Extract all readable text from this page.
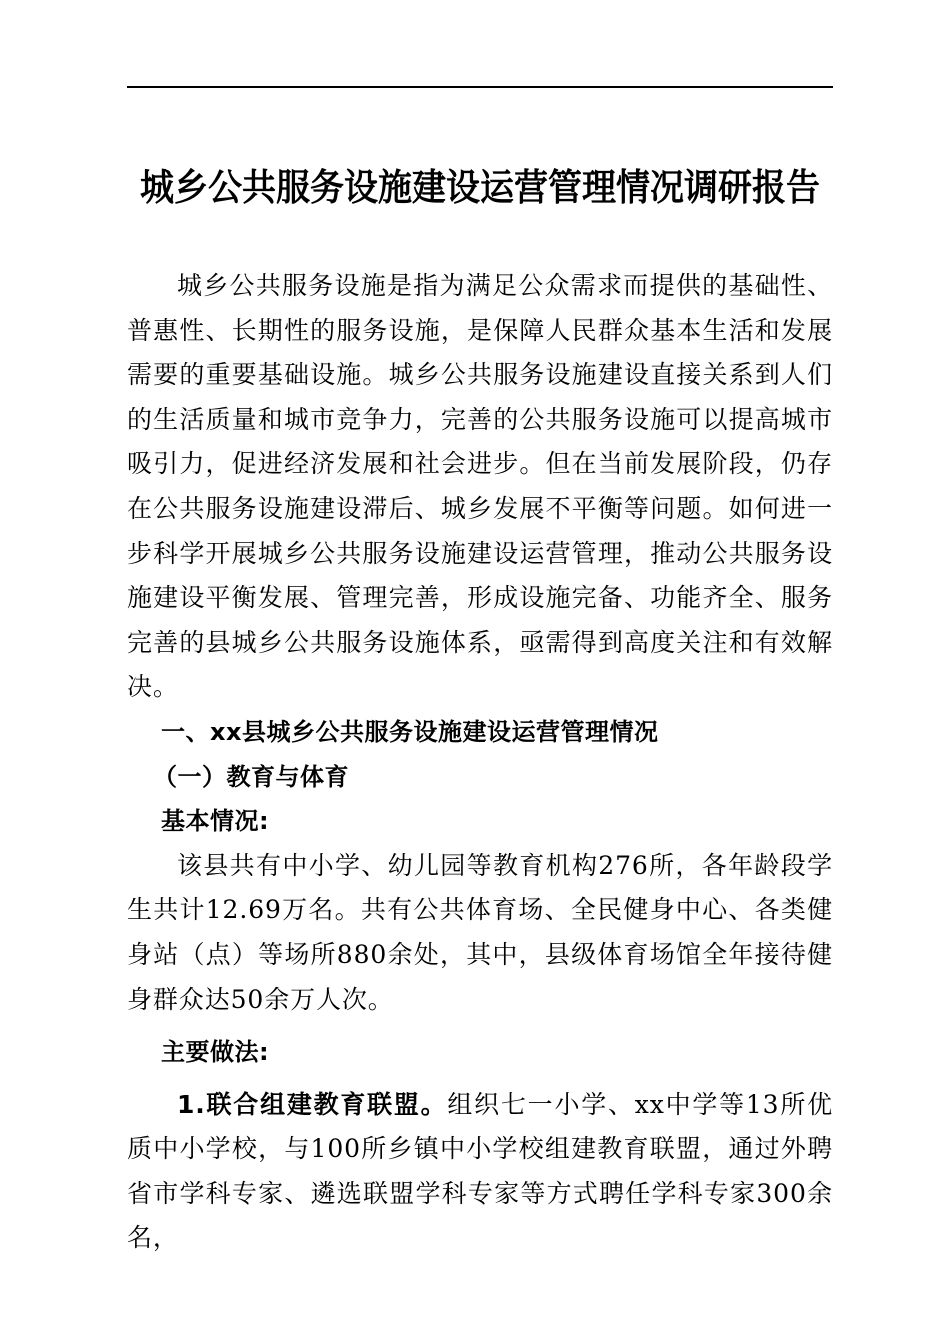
城乡公共服务设施建设运营管理情况调研报告

城乡公共服务设施是指为满足公众需求而提供的基础性、普惠性、长期性的服务设施，是保障人民群众基本生活和发展需要的重要基础设施。城乡公共服务设施建设直接关系到人们的生活质量和城市竞争力，完善的公共服务设施可以提高城市吸引力，促进经济发展和社会进步。但在当前发展阶段，仍存在公共服务设施建设滞后、城乡发展不平衡等问题。如何进一步科学开展城乡公共服务设施建设运营管理，推动公共服务设施建设平衡发展、管理完善，形成设施完备、功能齐全、服务完善的县城乡公共服务设施体系，亟需得到高度关注和有效解决。

一、xx县城乡公共服务设施建设运营管理情况

（一）教育与体育

基本情况:

该县共有中小学、幼儿园等教育机构276所，各年龄段学生共计12.69万名。共有公共体育场、全民健身中心、各类健身站（点）等场所880余处，其中，县级体育场馆全年接待健身群众达50余万人次。

主要做法:

1.联合组建教育联盟。组织七一小学、xx中学等13所优质中小学校，与100所乡镇中小学校组建教育联盟，通过外聘省市学科专家、遴选联盟学科专家等方式聘任学科专家300余名，
